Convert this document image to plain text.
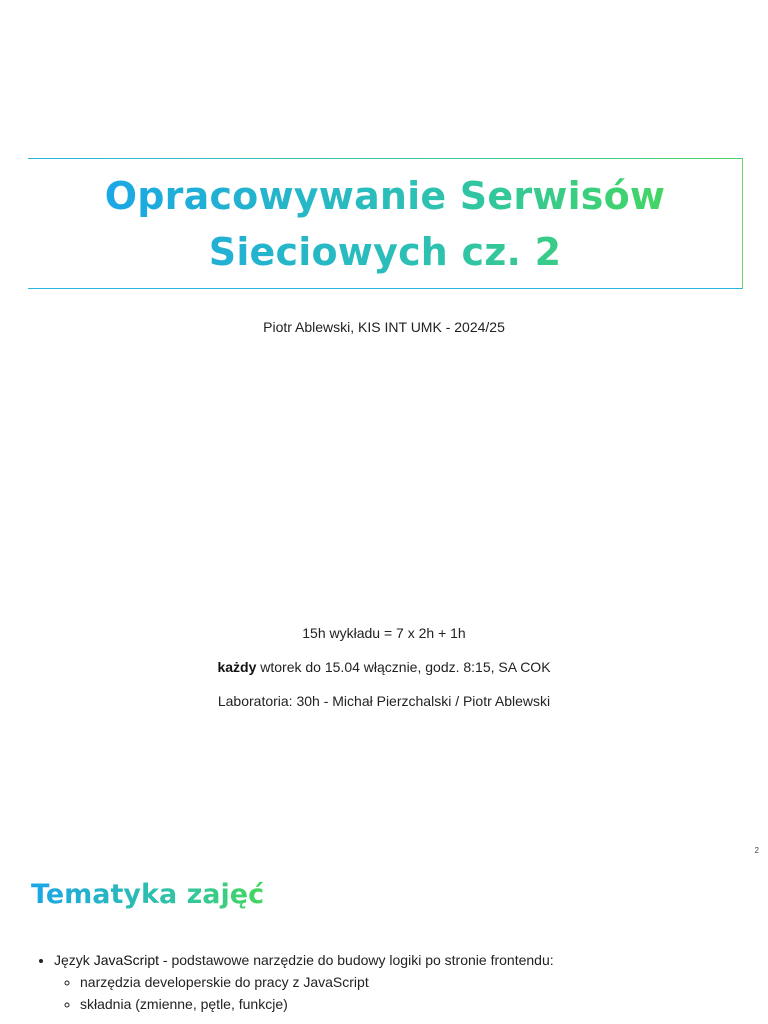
Opracowywanie Serwisów Sieciowych cz. 2
Piotr Ablewski, KIS INT UMK - 2024/25
15h wykładu = 7 x 2h + 1h
każdy wtorek do 15.04 włącznie, godz. 8:15, SA COK
Laboratoria: 30h - Michał Pierzchalski / Piotr Ablewski
2
Tematyka zajęć
• Język JavaScript - podstawowe narzędzie do budowy logiki po stronie frontendu:
◦ narzędzia developerskie do pracy z JavaScript
◦ składnia (zmienne, pętle, funkcje)
◦
